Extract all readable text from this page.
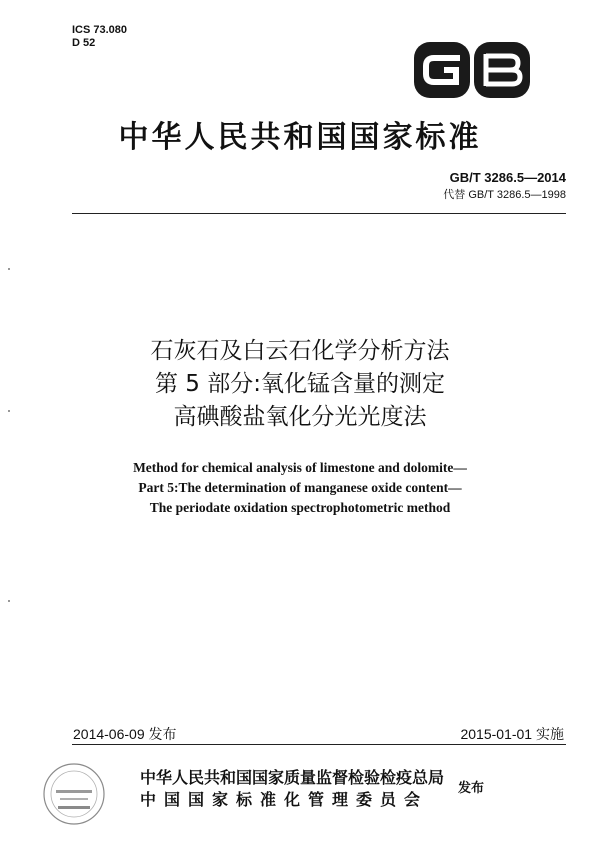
ICS 73.080
D 52
中华人民共和国国家标准
GB/T 3286.5—2014
代替 GB/T 3286.5—1998
石灰石及白云石化学分析方法
第 5 部分:氧化锰含量的测定
高碘酸盐氧化分光光度法
Method for chemical analysis of limestone and dolomite—
Part 5:The determination of manganese oxide content—
The periodate oxidation spectrophotometric method
2014-06-09 发布	2015-01-01 实施
中华人民共和国国家质量监督检验检疫总局
中国国家标准化管理委员会
发布
